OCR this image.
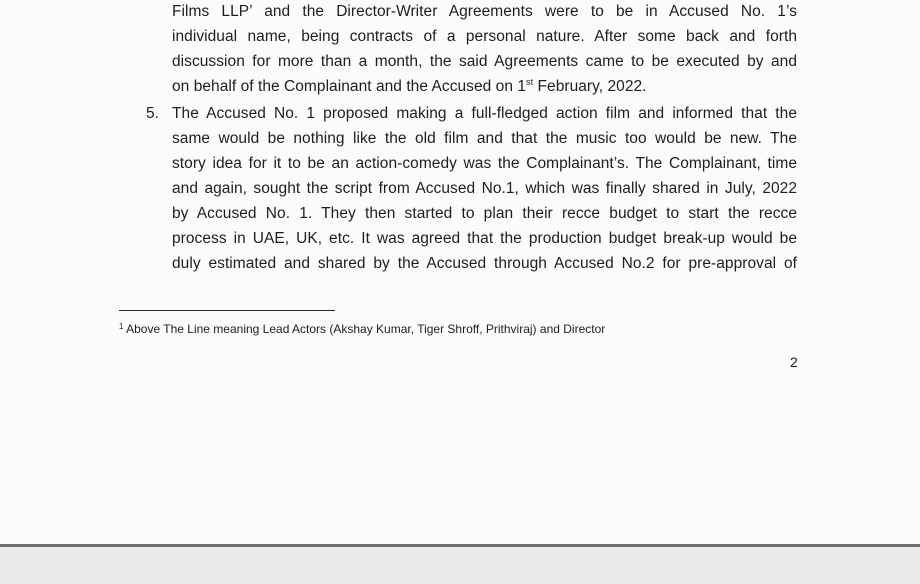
Films LLP’ and the Director-Writer Agreements were to be in Accused No. 1’s
individual name, being contracts of a personal nature. After some back and forth
discussion for more than a month, the said Agreements came to be executed by and
on behalf of the Complainant and the Accused on 1st February, 2022.
5. The Accused No. 1 proposed making a full-fledged action film and informed that the
same would be nothing like the old film and that the music too would be new. The
story idea for it to be an action-comedy was the Complainant’s. The Complainant, time
and again, sought the script from Accused No.1, which was finally shared in July, 2022
by Accused No. 1. They then started to plan their recce budget to start the recce
process in UAE, UK, etc. It was agreed that the production budget break-up would be
duly estimated and shared by the Accused through Accused No.2 for pre-approval of
$^1$ Above The Line meaning Lead Actors (Akshay Kumar, Tiger Shroff, Prithviraj) and Director
2
